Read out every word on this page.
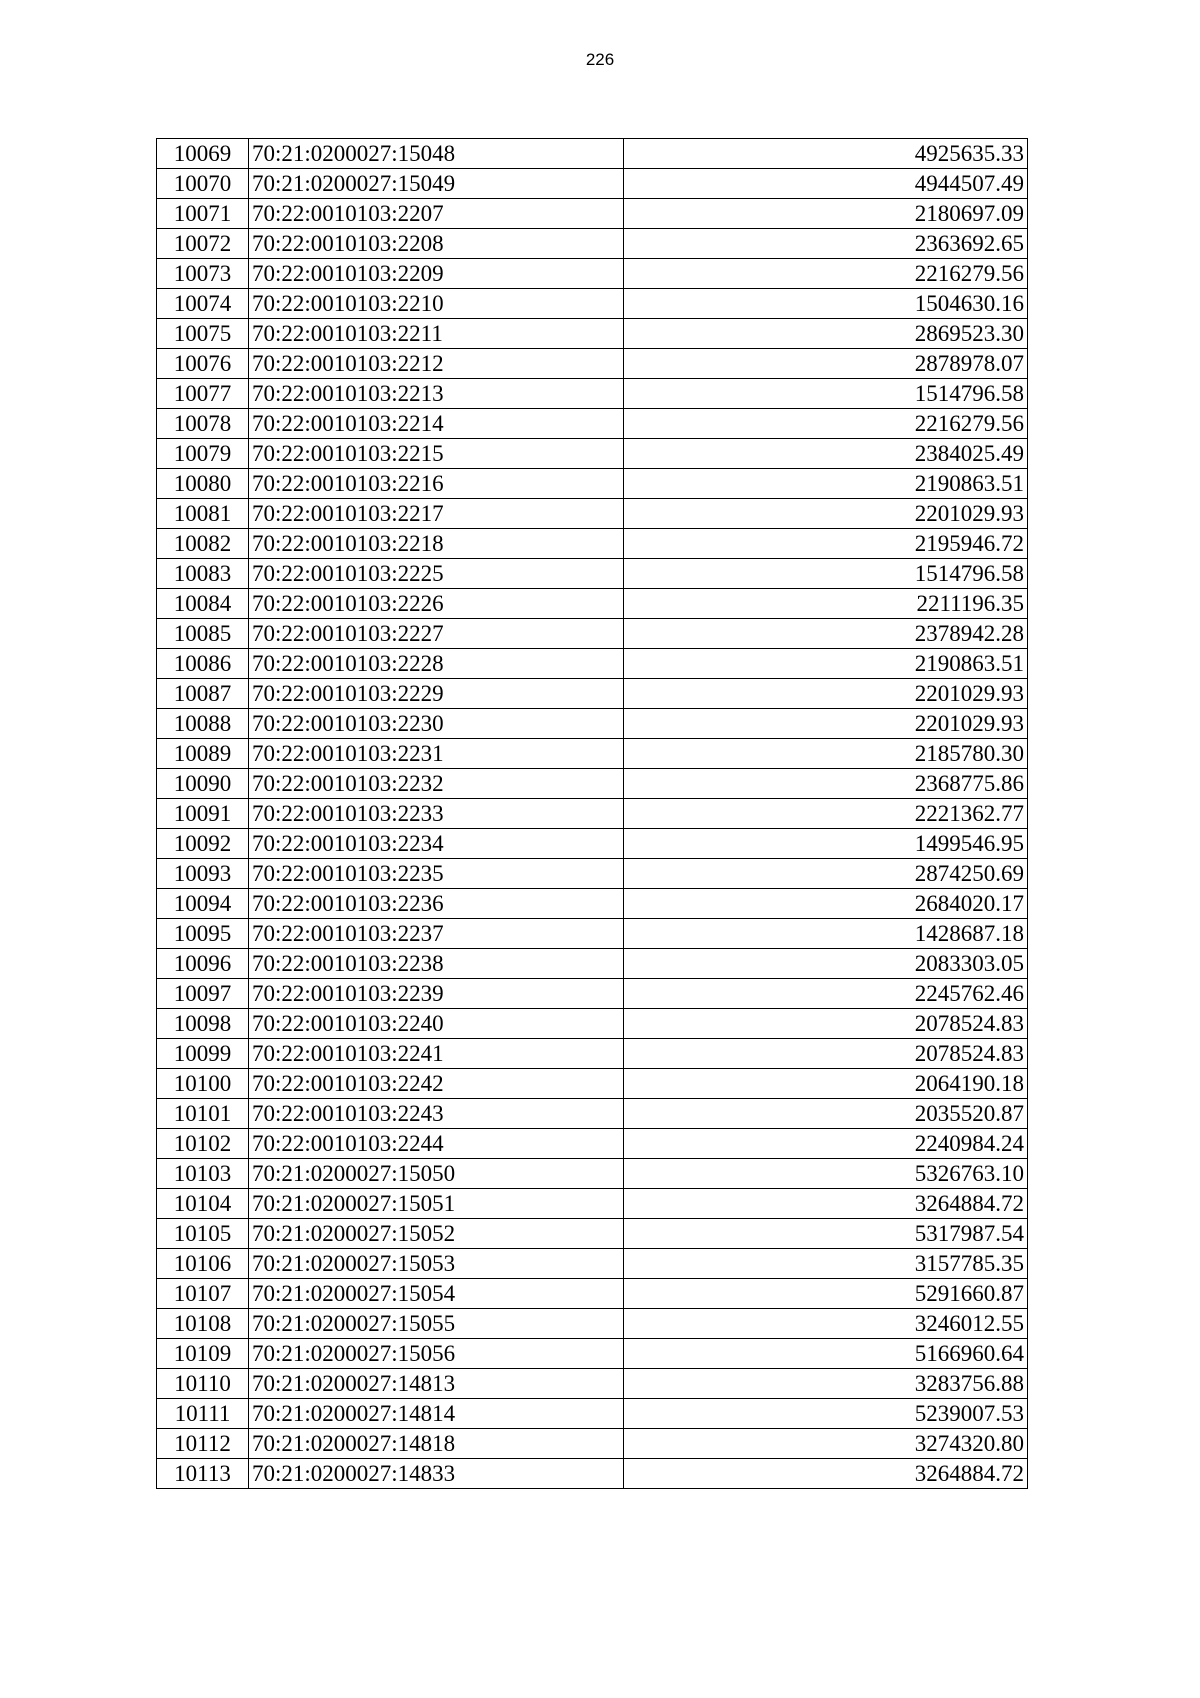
226
10069	70:21:0200027:15048	4925635.33
10070	70:21:0200027:15049	4944507.49
10071	70:22:0010103:2207	2180697.09
10072	70:22:0010103:2208	2363692.65
10073	70:22:0010103:2209	2216279.56
10074	70:22:0010103:2210	1504630.16
10075	70:22:0010103:2211	2869523.30
10076	70:22:0010103:2212	2878978.07
10077	70:22:0010103:2213	1514796.58
10078	70:22:0010103:2214	2216279.56
10079	70:22:0010103:2215	2384025.49
10080	70:22:0010103:2216	2190863.51
10081	70:22:0010103:2217	2201029.93
10082	70:22:0010103:2218	2195946.72
10083	70:22:0010103:2225	1514796.58
10084	70:22:0010103:2226	2211196.35
10085	70:22:0010103:2227	2378942.28
10086	70:22:0010103:2228	2190863.51
10087	70:22:0010103:2229	2201029.93
10088	70:22:0010103:2230	2201029.93
10089	70:22:0010103:2231	2185780.30
10090	70:22:0010103:2232	2368775.86
10091	70:22:0010103:2233	2221362.77
10092	70:22:0010103:2234	1499546.95
10093	70:22:0010103:2235	2874250.69
10094	70:22:0010103:2236	2684020.17
10095	70:22:0010103:2237	1428687.18
10096	70:22:0010103:2238	2083303.05
10097	70:22:0010103:2239	2245762.46
10098	70:22:0010103:2240	2078524.83
10099	70:22:0010103:2241	2078524.83
10100	70:22:0010103:2242	2064190.18
10101	70:22:0010103:2243	2035520.87
10102	70:22:0010103:2244	2240984.24
10103	70:21:0200027:15050	5326763.10
10104	70:21:0200027:15051	3264884.72
10105	70:21:0200027:15052	5317987.54
10106	70:21:0200027:15053	3157785.35
10107	70:21:0200027:15054	5291660.87
10108	70:21:0200027:15055	3246012.55
10109	70:21:0200027:15056	5166960.64
10110	70:21:0200027:14813	3283756.88
10111	70:21:0200027:14814	5239007.53
10112	70:21:0200027:14818	3274320.80
10113	70:21:0200027:14833	3264884.72
